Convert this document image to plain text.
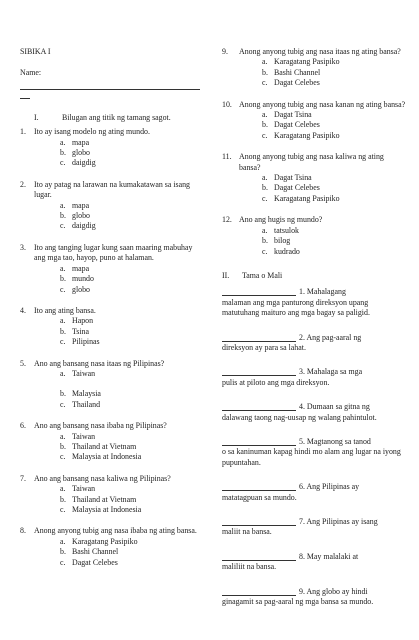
SIBIKA I
Name:
I.	Bilugan ang titik ng tamang sagot.
1.	Ito ay isang modelo ng ating mundo.
a. mapa
b. globo
c. daigdig
2.	Ito ay patag na larawan na kumakatawan sa isang lugar.
a. mapa
b. globo
c. daigdig
3.	Ito ang tanging lugar kung saan maaring mabuhay ang mga tao, hayop, puno at halaman.
a. mapa
b. mundo
c. globo
4.	Ito ang ating bansa.
a. Hapon
b. Tsina
c. Pilipinas
5.	Ano ang bansang nasa itaas ng Pilipinas?
a. Taiwan
b. Malaysia
c. Thailand
6.	Ano ang bansang nasa ibaba ng Pilipinas?
a. Taiwan
b. Thailand at Vietnam
c. Malaysia at Indonesia
7.	Ano ang bansang nasa kaliwa ng Pilipinas?
a. Taiwan
b. Thailand at Vietnam
c. Malaysia at Indonesia
8.	Anong anyong tubig ang nasa ibaba ng ating bansa.
a. Karagatang Pasipiko
b. Bashi Channel
c. Dagat Celebes
9.	Anong anyong tubig ang nasa itaas ng ating bansa?
a. Karagatang Pasipiko
b. Bashi Channel
c. Dagat Celebes
10. Anong anyong tubig ang nasa kanan ng ating bansa?
a. Dagat Tsina
b. Dagat Celebes
c. Karagatang Pasipiko
11. Anong anyong tubig ang nasa kaliwa ng ating bansa?
a. Dagat Tsina
b. Dagat Celebes
c. Karagatang Pasipiko
12. Ano ang hugis ng mundo?
a. tatsulok
b. bilog
c. kudrado
II.	Tama o Mali
1. Mahalagang
malaman ang mga panturong direksyon upang matutuhang maituro ang mga bagay sa paligid.
2. Ang pag-aaral ng
direksyon ay para sa lahat.
3. Mahalaga sa mga
pulis at piloto ang mga direksyon.
4. Dumaan sa gitna ng
dalawang taong nag-uusap ng walang pahintulot.
5. Magtanong sa tanod
o sa kaninuman kapag hindi mo alam ang lugar na iyong pupuntahan.
6. Ang Pilipinas ay
matatagpuan sa mundo.
7. Ang Pilipinas ay isang
maliit na bansa.
8. May malalaki at
maliliit na bansa.
9. Ang globo ay hindi
ginagamit sa pag-aaral ng mga bansa sa mundo.
